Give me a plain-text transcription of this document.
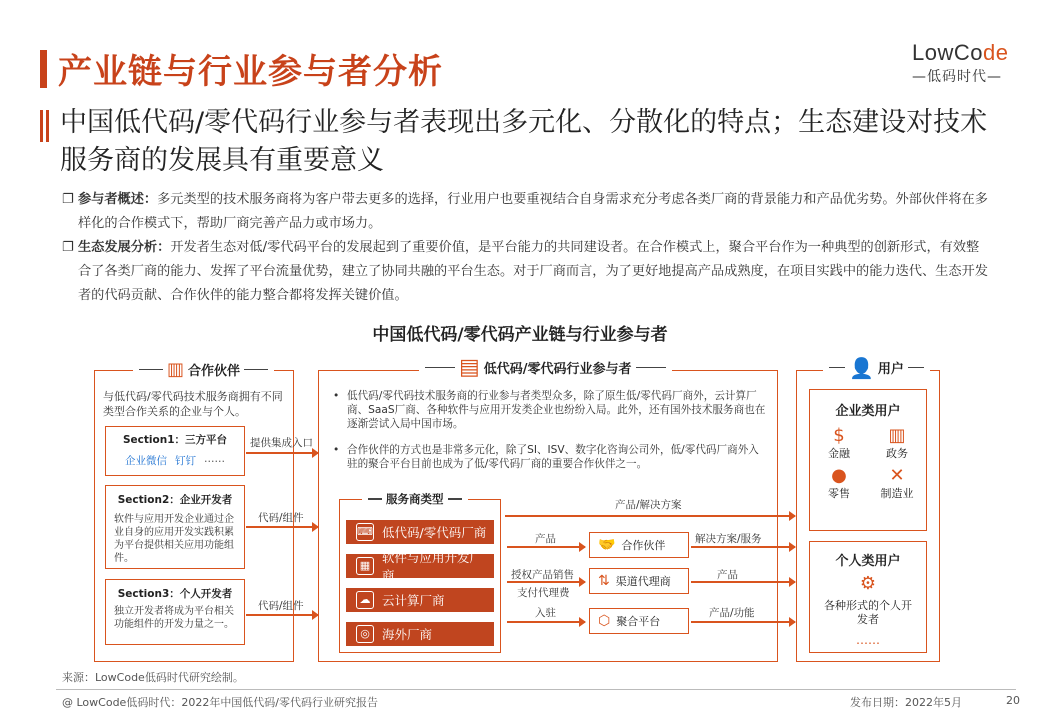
产业链与行业参与者分析	LowCode
—低码时代—
中国低代码/零代码行业参与者表现出多元化、分散化的特点；生态建设对技术服务商的发展具有重要意义
❐ 参与者概述：多元类型的技术服务商将为客户带去更多的选择，行业用户也要重视结合自身需求充分考虑各类厂商的背景能力和产品优劣势。外部伙伴将在多样化的合作模式下，帮助厂商完善产品力或市场力。
❐ 生态发展分析：开发者生态对低/零代码平台的发展起到了重要价值，是平台能力的共同建设者。在合作模式上，聚合平台作为一种典型的创新形式，有效整合了各类厂商的能力、发挥了平台流量优势，建立了协同共融的平台生态。对于厂商而言，为了更好地提高产品成熟度，在项目实践中的能力迭代、生态开发者的代码贡献、合作伙伴的能力整合都将发挥关键价值。
中国低代码/零代码产业链与行业参与者
▥ 合作伙伴
与低代码/零代码技术服务商拥有不同类型合作关系的企业与个人。
Section1：三方平台
企业微信 钉钉 ……
Section2：企业开发者
软件与应用开发企业通过企业自身的应用开发实践积累为平台提供相关应用功能组件。
Section3：个人开发者
独立开发者将成为平台相关功能组件的开发力量之一。
提供集成入口
代码/组件
代码/组件
▤ 低代码/零代码行业参与者
• 低代码/零代码技术服务商的行业参与者类型众多，除了原生低/零代码厂商外，云计算厂商、SaaS厂商、各种软件与应用开发类企业也纷纷入局。此外，还有国外技术服务商也在逐渐尝试入局中国市场。
• 合作伙伴的方式也是非常多元化，除了SI、ISV、数字化咨询公司外，低/零代码厂商外入驻的聚合平台目前也成为了低/零代码厂商的重要合作伙伴之一。
服务商类型
⌨ 低代码/零代码厂商
▦
软件与应用开发厂商
☁ 云计算厂商
◎ 海外厂商
产品/解决方案
产品	🤝 合作伙伴	解决方案/服务
授权产品销售
支付代理费
⇅ 渠道代理商	产品
入驻	⬡ 聚合平台
产品/功能
👤 用户
企业类用户
$
金融
▥
政务
●
零售
✕
制造业
个人类用户
⚙
各种形式的个人开发者
……
来源：LowCode低码时代研究绘制。
@ LowCode低码时代：2022年中国低代码/零代码行业研究报告	发布日期：2022年5月	20
